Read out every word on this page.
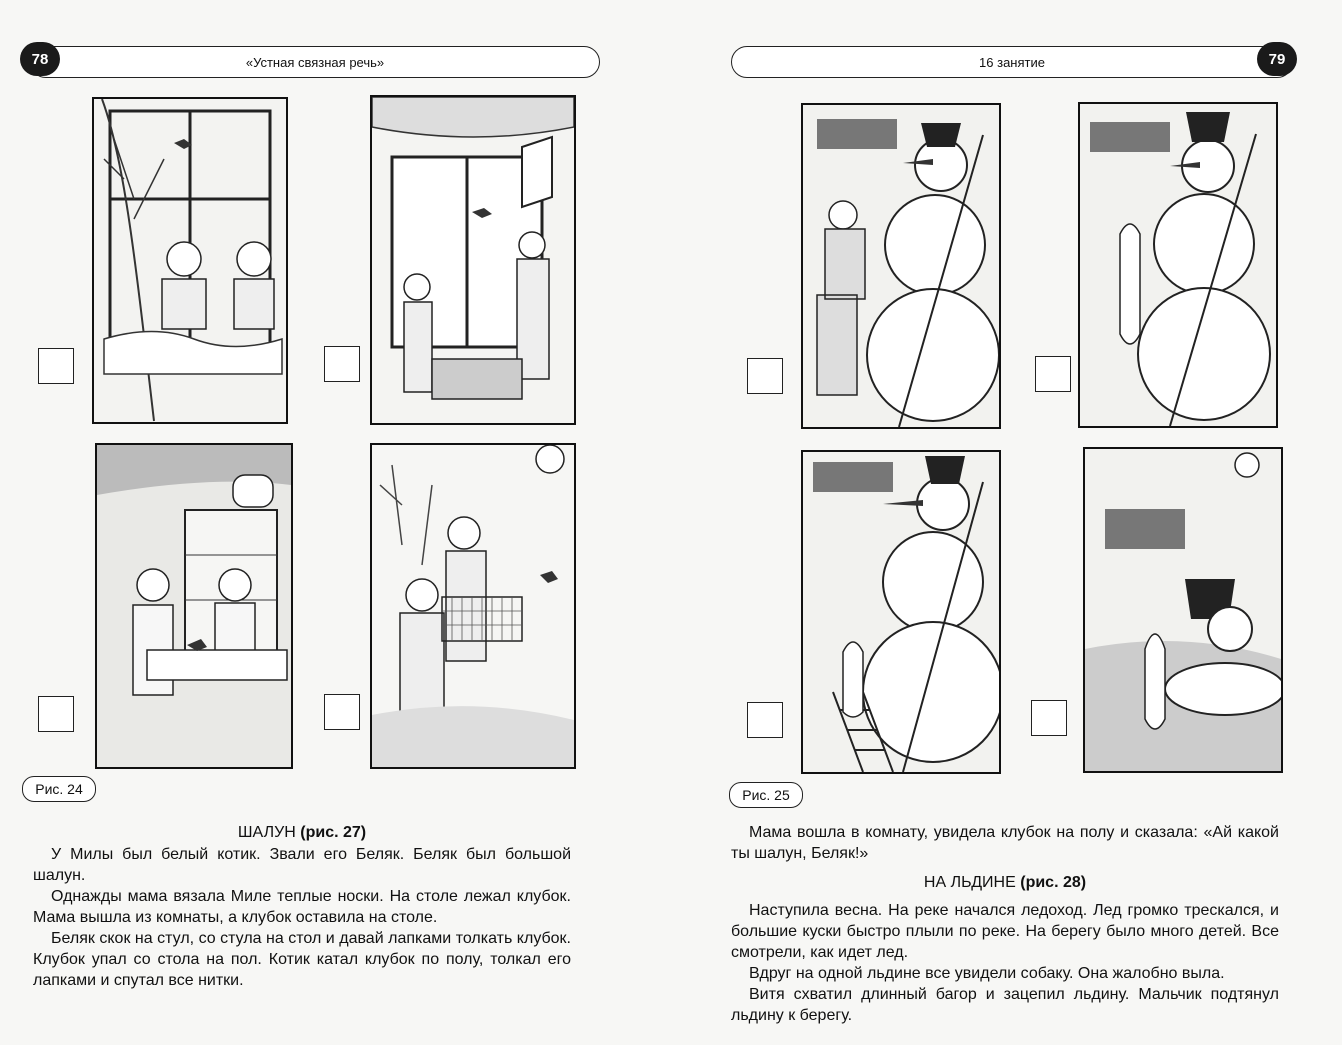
«Устная связная речь»
78
Рис. 24

ШАЛУН (рис. 27)

У Милы был белый котик. Звали его Беляк. Беляк был большой шалун.

Однажды мама вязала Миле теплые носки. На столе лежал клубок. Мама вышла из комнаты, а клубок оставила на столе.

Беляк скок на стул, со стула на стол и давай лапками толкать клубок. Клубок упал со стола на пол. Котик катал клубок по полу, толкал его лапками и спутал все нитки.

16 занятие	79
Рис. 25

Мама вошла в комнату, увидела клубок на полу и сказала: «Ай какой ты шалун, Беляк!»

НА ЛЬДИНЕ (рис. 28)

Наступила весна. На реке начался ледоход. Лед громко трескался, и большие куски быстро плыли по реке. На берегу было много детей. Все смотрели, как идет лед.

Вдруг на одной льдине все увидели собаку. Она жалобно выла.

Витя схватил длинный багор и зацепил льдину. Мальчик подтянул льдину к берегу.
